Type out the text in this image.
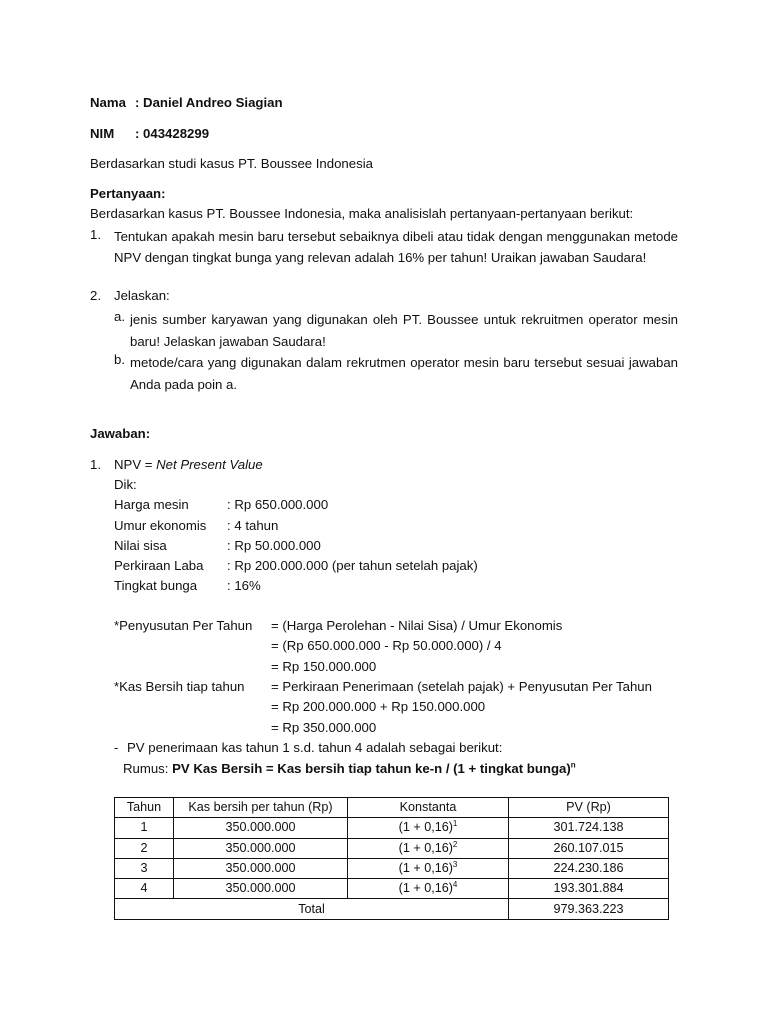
Nama : Daniel Andreo Siagian
NIM : 043428299
Berdasarkan studi kasus PT. Boussee Indonesia
Pertanyaan:
Berdasarkan kasus PT. Boussee Indonesia, maka analisislah pertanyaan-pertanyaan berikut:
1. Tentukan apakah mesin baru tersebut sebaiknya dibeli atau tidak dengan menggunakan metode NPV dengan tingkat bunga yang relevan adalah 16% per tahun! Uraikan jawaban Saudara!
2. Jelaskan:
a. jenis sumber karyawan yang digunakan oleh PT. Boussee untuk rekruitmen operator mesin baru! Jelaskan jawaban Saudara!
b. metode/cara yang digunakan dalam rekrutmen operator mesin baru tersebut sesuai jawaban Anda pada poin a.
Jawaban:
1. NPV = Net Present Value
Dik:
Harga mesin	: Rp 650.000.000
Umur ekonomis : 4 tahun
Nilai sisa	: Rp 50.000.000
Perkiraan Laba : Rp 200.000.000 (per tahun setelah pajak)
Tingkat bunga : 16%
*Penyusutan Per Tahun = (Harga Perolehan - Nilai Sisa) / Umur Ekonomis
= (Rp 650.000.000 - Rp 50.000.000) / 4
= Rp 150.000.000
*Kas Bersih tiap tahun = Perkiraan Penerimaan (setelah pajak) + Penyusutan Per Tahun
= Rp 200.000.000 + Rp 150.000.000
= Rp 350.000.000
- PV penerimaan kas tahun 1 s.d. tahun 4 adalah sebagai berikut:
Rumus: PV Kas Bersih = Kas bersih tiap tahun ke-n / (1 + tingkat bunga)$^n$
Tahun	Kas bersih per tahun (Rp)	Konstanta	PV (Rp)
1	350.000.000	$(1 + 0,16)^1$	301.724.138
2	350.000.000	$(1 + 0,16)^2$	260.107.015
3	350.000.000	$(1 + 0,16)^3$	224.230.186
4	350.000.000	$(1 + 0,16)^4$	193.301.884
Total			979.363.223
